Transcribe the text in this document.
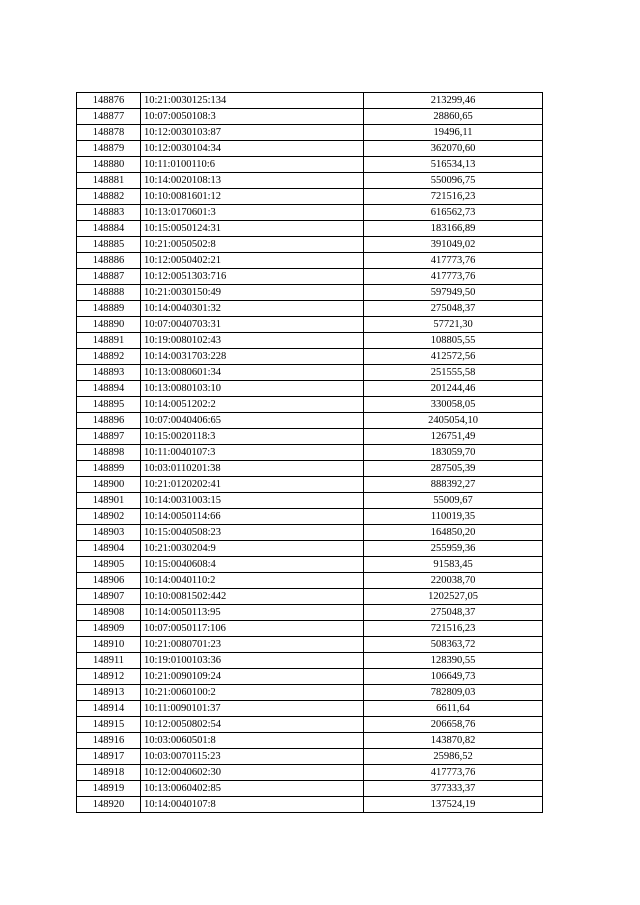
148876	10:21:0030125:134	213299,46
148877	10:07:0050108:3	28860,65
148878	10:12:0030103:87	19496,11
148879	10:12:0030104:34	362070,60
148880	10:11:0100110:6	516534,13
148881	10:14:0020108:13	550096,75
148882	10:10:0081601:12	721516,23
148883	10:13:0170601:3	616562,73
148884	10:15:0050124:31	183166,89
148885	10:21:0050502:8	391049,02
148886	10:12:0050402:21	417773,76
148887	10:12:0051303:716	417773,76
148888	10:21:0030150:49	597949,50
148889	10:14:0040301:32	275048,37
148890	10:07:0040703:31	57721,30
148891	10:19:0080102:43	108805,55
148892	10:14:0031703:228	412572,56
148893	10:13:0080601:34	251555,58
148894	10:13:0080103:10	201244,46
148895	10:14:0051202:2	330058,05
148896	10:07:0040406:65	2405054,10
148897	10:15:0020118:3	126751,49
148898	10:11:0040107:3	183059,70
148899	10:03:0110201:38	287505,39
148900	10:21:0120202:41	888392,27
148901	10:14:0031003:15	55009,67
148902	10:14:0050114:66	110019,35
148903	10:15:0040508:23	164850,20
148904	10:21:0030204:9	255959,36
148905	10:15:0040608:4	91583,45
148906	10:14:0040110:2	220038,70
148907	10:10:0081502:442	1202527,05
148908	10:14:0050113:95	275048,37
148909	10:07:0050117:106	721516,23
148910	10:21:0080701:23	508363,72
148911	10:19:0100103:36	128390,55
148912	10:21:0090109:24	106649,73
148913	10:21:0060100:2	782809,03
148914	10:11:0090101:37	6611,64
148915	10:12:0050802:54	206658,76
148916	10:03:0060501:8	143870,82
148917	10:03:0070115:23	25986,52
148918	10:12:0040602:30	417773,76
148919	10:13:0060402:85	377333,37
148920	10:14:0040107:8	137524,19
